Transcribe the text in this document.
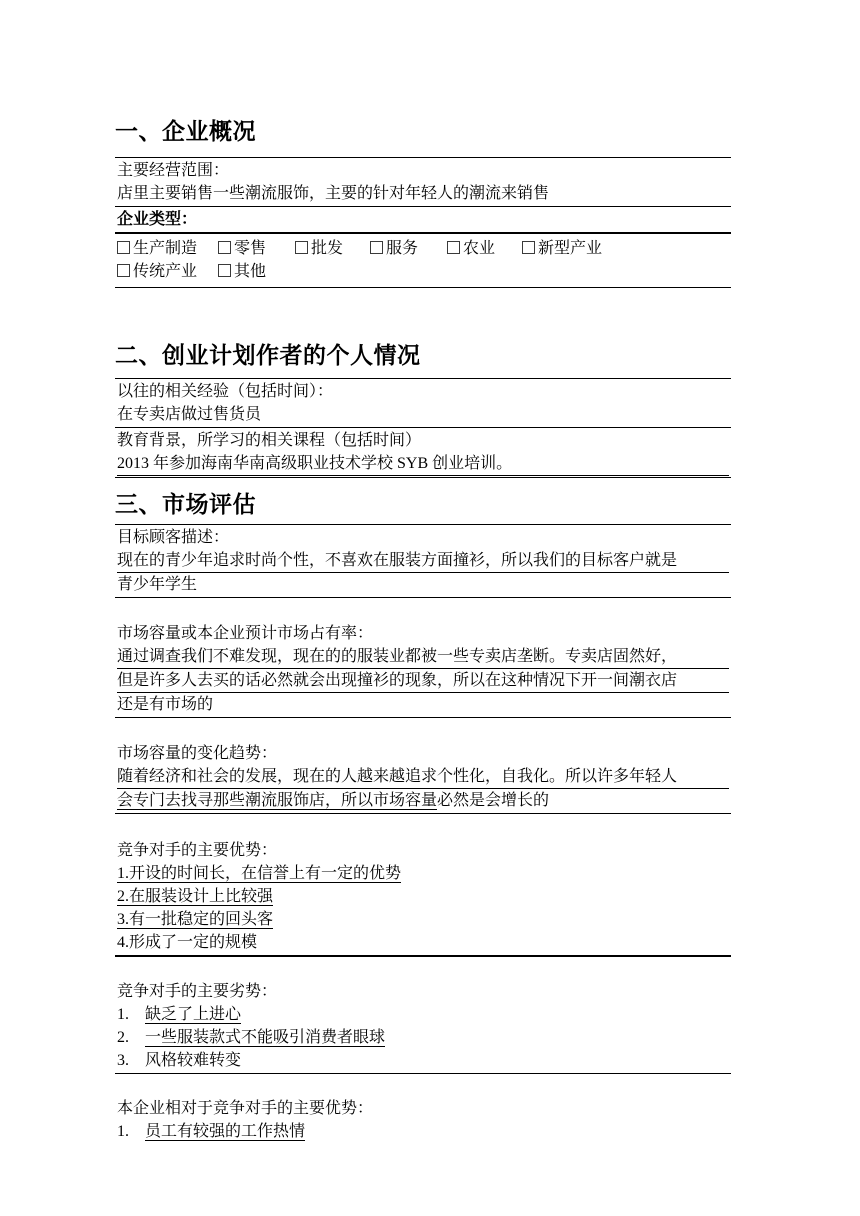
一、企业概况
主要经营范围：
店里主要销售一些潮流服饰，主要的针对年轻人的潮流来销售
企业类型：
生产制造	零售	批发	服务	农业	新型产业
传统产业	其他
二、创业计划作者的个人情况
以往的相关经验（包括时间）：
在专卖店做过售货员
教育背景，所学习的相关课程（包括时间）
2013 年参加海南华南高级职业技术学校 SYB 创业培训。
三、市场评估
目标顾客描述：
现在的青少年追求时尚个性，不喜欢在服装方面撞衫，所以我们的目标客户就是
青少年学生
市场容量或本企业预计市场占有率：
通过调查我们不难发现，现在的的服装业都被一些专卖店垄断。专卖店固然好，
但是许多人去买的话必然就会出现撞衫的现象，所以在这种情况下开一间潮衣店
还是有市场的
市场容量的变化趋势：
随着经济和社会的发展，现在的人越来越追求个性化，自我化。所以许多年轻人
会专门去找寻那些潮流服饰店，所以市场容量必然是会增长的
竞争对手的主要优势：
1.开设的时间长，在信誉上有一定的优势
2.在服装设计上比较强
3.有一批稳定的回头客
4.形成了一定的规模
竞争对手的主要劣势：
1. 缺乏了上进心
2. 一些服装款式不能吸引消费者眼球
3. 风格较难转变
本企业相对于竞争对手的主要优势：
1. 员工有较强的工作热情
